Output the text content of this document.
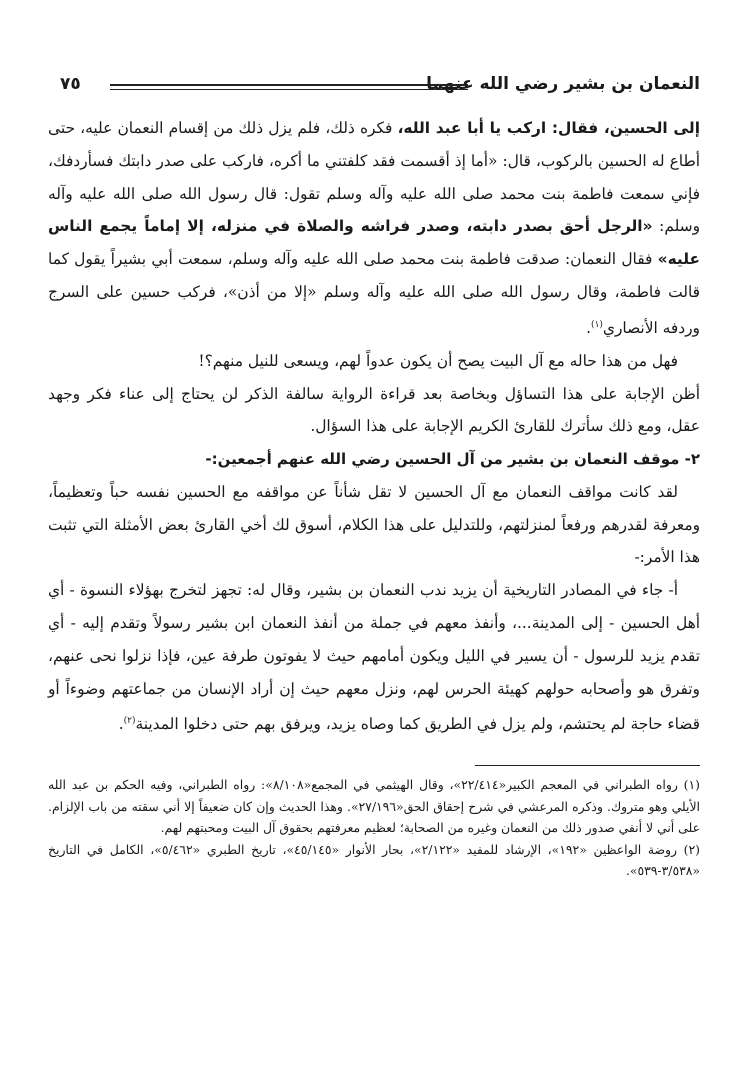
النعمان بن بشير رضي الله عنهما
٧٥

إلى الحسين، فقال: اركب يا أبا عبد الله، فكره ذلك، فلم يزل ذلك من إقسام النعمان عليه، حتى أطاع له الحسين بالركوب، قال: «أما إذ أقسمت فقد كلفتني ما أكره، فاركب على صدر دابتك فسأردفك، فإني سمعت فاطمة بنت محمد صلى الله عليه وآله وسلم تقول: قال رسول الله صلى الله عليه وآله وسلم: «الرجل أحق بصدر دابته، وصدر فراشه والصلاة في منزله، إلا إماماً يجمع الناس عليه» فقال النعمان: صدقت فاطمة بنت محمد صلى الله عليه وآله وسلم، سمعت أبي بشيراً يقول كما قالت فاطمة، وقال رسول الله صلى الله عليه وآله وسلم «إلا من أذن»، فركب حسين على السرج وردفه الأنصاري$^{(١)}$.

فهل من هذا حاله مع آل البيت يصح أن يكون عدواً لهم، ويسعى للنيل منهم؟!

أظن الإجابة على هذا التساؤل وبخاصة بعد قراءة الرواية سالفة الذكر لن يحتاج إلى عناء فكر وجهد عقل، ومع ذلك سأترك للقارئ الكريم الإجابة على هذا السؤال.

٢- موقف النعمان بن بشير من آل الحسين رضي الله عنهم أجمعين:-

لقد كانت مواقف النعمان مع آل الحسين لا تقل شأناً عن مواقفه مع الحسين نفسه حباً وتعظيماً، ومعرفة لقدرهم ورفعاً لمنزلتهم، وللتدليل على هذا الكلام، أسوق لك أخي القارئ بعض الأمثلة التي تثبت هذا الأمر:-

أ- جاء في المصادر التاريخية أن يزيد ندب النعمان بن بشير، وقال له: تجهز لتخرج بهؤلاء النسوة - أي أهل الحسين - إلى المدينة...، وأنفذ معهم في جملة من أنفذ النعمان ابن بشير رسولاً وتقدم إليه - أي تقدم يزيد للرسول - أن يسير في الليل ويكون أمامهم حيث لا يفوتون طرفة عين، فإذا نزلوا نحى عنهم، وتفرق هو وأصحابه حولهم كهيئة الحرس لهم، ونزل معهم حيث إن أراد الإنسان من جماعتهم وضوءاً أو قضاء حاجة لم يحتشم، ولم يزل في الطريق كما وصاه يزيد، ويرفق بهم حتى دخلوا المدينة$^{(٢)}$.

(١) رواه الطبراني في المعجم الكبير«٢٢/٤١٤»، وقال الهيثمي في المجمع«٨/١٠٨»: رواه الطبراني، وفيه الحكم بن عبد الله الأيلي وهو متروك. وذكره المرعشي في شرح إحقاق الحق«٢٧/١٩٦». وهذا الحديث وإن كان ضعيفاً إلا أني سقته من باب الإلزام. على أني لا أنفي صدور ذلك من النعمان وغيره من الصحابة؛ لعظيم معرفتهم بحقوق آل البيت ومحبتهم لهم.

(٢) روضة الواعظين «١٩٢»، الإرشاد للمفيد «٢/١٢٢»، بحار الأنوار «٤٥/١٤٥»، تاريخ الطبري «٥/٤٦٢»، الكامل في التاريخ «٣/٥٣٨-٥٣٩».
